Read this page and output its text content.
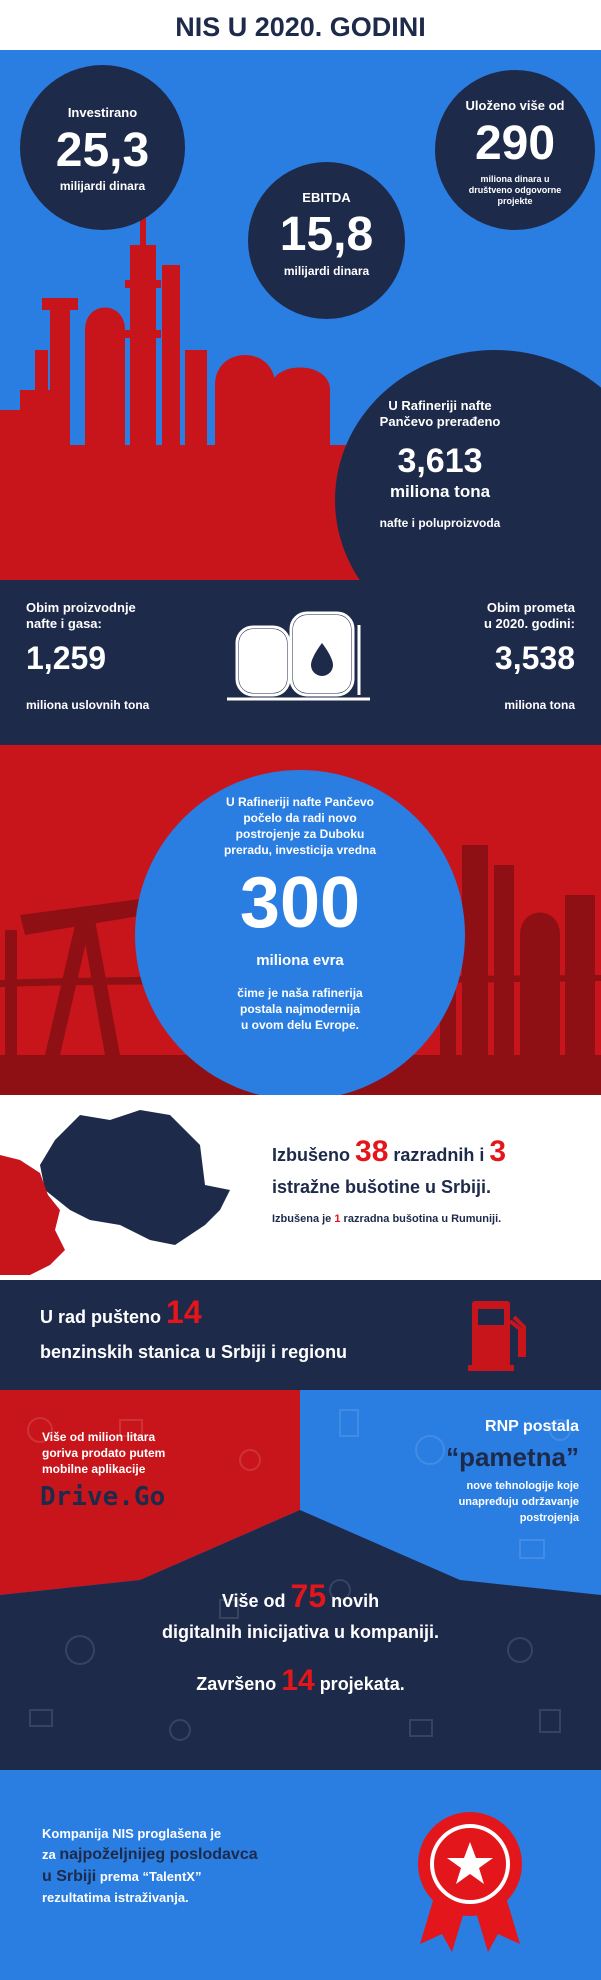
NIS U 2020. GODINI
Investirano
25,3
milijardi dinara
EBITDA
15,8
milijardi dinara
Uloženo više od
290
miliona dinara u
društveno odgovorne
projekte
U Rafineriji nafte
Pančevo prerađeno
3,613
miliona tona
nafte i poluproizvoda
Obim proizvodnje
nafte i gasa:
1,259
miliona uslovnih tona
Obim prometa
u 2020. godini:
3,538
miliona tona
U Rafineriji nafte Pančevo
počelo da radi novo
postrojenje za Duboku
preradu, investicija vredna
300
miliona evra
čime je naša rafinerija
postala najmodernija
u ovom delu Evrope.
Izbušeno 38 razradnih i 3
istražne bušotine u Srbiji.
Izbušena je 1 razradna bušotina u Rumuniji.
U rad pušteno 14
benzinskih stanica u Srbiji i regionu
Više od milion litara
goriva prodato putem
mobilne aplikacije
Drive.Go
RNP postala
“pametna”
nove tehnologije koje
unapređuju održavanje
postrojenja
Više od 75 novih
digitalnih inicijativa u kompaniji.
Završeno 14 projekata.
Kompanija NIS proglašena je
za najpoželjnijeg poslodavca
u Srbiji prema “TalentX”
rezultatima istraživanja.
